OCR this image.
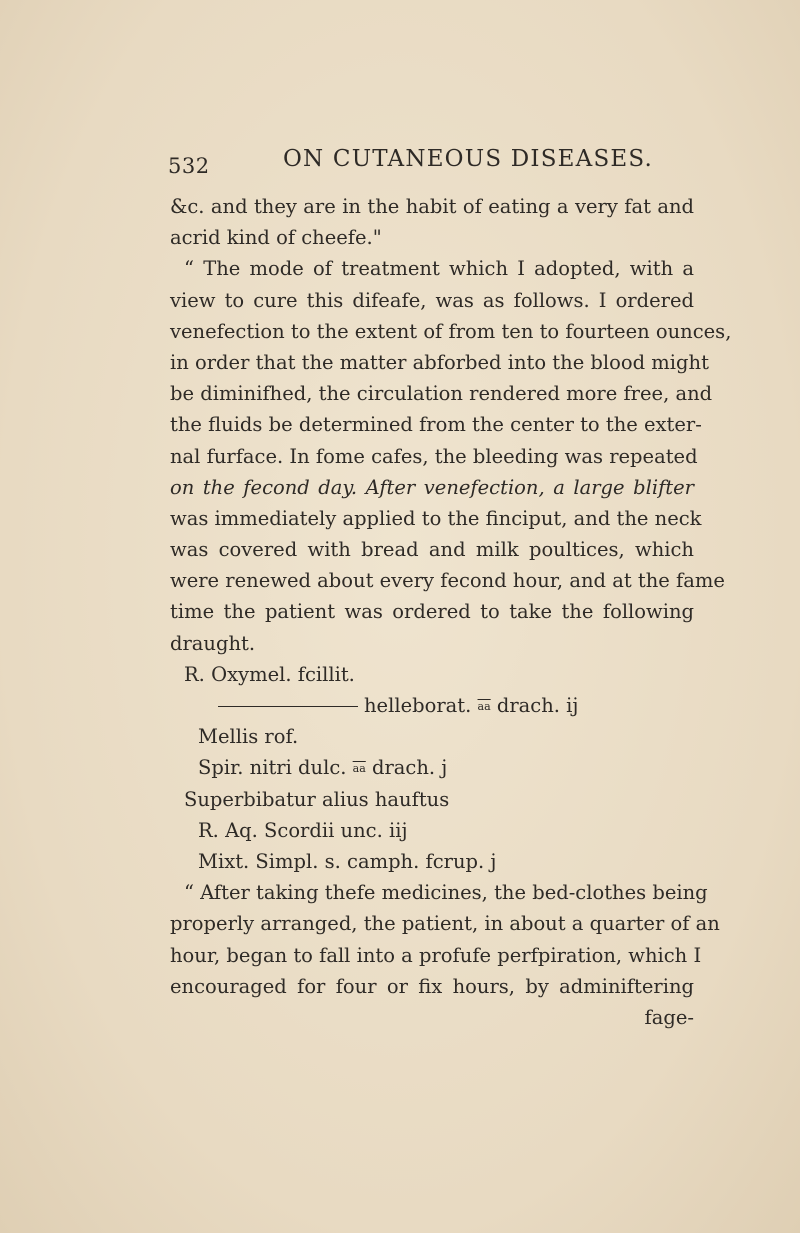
532	ON CUTANEOUS DISEASES.
&c. and they are in the habit of eating a very fat and
acrid kind of cheefe."
“ The mode of treatment which I adopted, with a
view to cure this difeafe, was as follows. I ordered
venefection to the extent of from ten to fourteen ounces,
in order that the matter abforbed into the blood might
be diminifhed, the circulation rendered more free, and
the fluids be determined from the center to the exter-
nal furface. In fome cafes, the bleeding was repeated
on the fecond day. After venefection, a large blifter
was immediately applied to the finciput, and the neck
was covered with bread and milk poultices, which
were renewed about every fecond hour, and at the fame
time the patient was ordered to take the following
draught.
R. Oxymel. fcillit.
helleborat. $\overline{aa}$ drach. ij
Mellis rof.
Spir. nitri dulc. $\overline{aa}$ drach. j
Superbibatur alius hauftus
R. Aq. Scordii unc. iij
Mixt. Simpl. s. camph. fcrup. j
“ After taking thefe medicines, the bed-clothes being
properly arranged, the patient, in about a quarter of an
hour, began to fall into a profufe perfpiration, which I
encouraged for four or fix hours, by adminiftering
fage-
